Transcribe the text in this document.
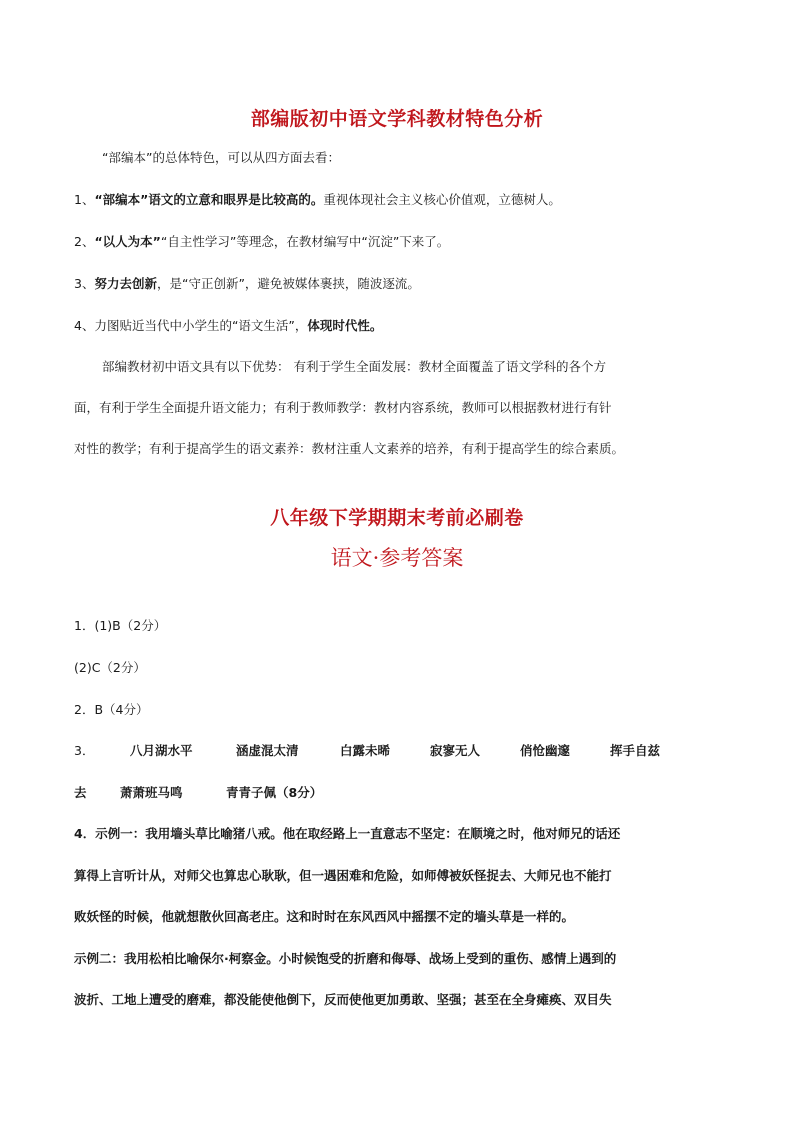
部编版初中语文学科教材特色分析
“部编本”的总体特色，可以从四方面去看：
1、“部编本”语文的立意和眼界是比较高的。重视体现社会主义核心价值观，立德树人。
2、“以人为本”“自主性学习”等理念，在教材编写中“沉淀”下来了。
3、努力去创新，是“守正创新”，避免被媒体裹挟，随波逐流。
4、力图贴近当代中小学生的“语文生活”，体现时代性。
部编教材初中语文具有以下优势： 有利于学生全面发展：教材全面覆盖了语文学科的各个方
面，有利于学生全面提升语文能力；有利于教师教学：教材内容系统，教师可以根据教材进行有针
对性的教学；有利于提高学生的语文素养：教材注重人文素养的培养，有利于提高学生的综合素质。
八年级下学期期末考前必刷卷
语文·参考答案
1．(1)B（2分）
(2)C（2分）
2．B（4分）
3．	八月湖水平	涵虚混太清	白露未晞	寂寥无人	俏怆幽邃	挥手自兹
去	萧萧班马鸣	青青子佩（8分）
4．示例一：我用墙头草比喻猪八戒。他在取经路上一直意志不坚定：在顺境之时，他对师兄的话还
算得上言听计从，对师父也算忠心耿耿，但一遇困难和危险，如师傅被妖怪捉去、大师兄也不能打
败妖怪的时候，他就想散伙回高老庄。这和时时在东风西风中摇摆不定的墙头草是一样的。
示例二：我用松柏比喻保尔·柯察金。小时候饱受的折磨和侮辱、战场上受到的重伤、感情上遇到的
波折、工地上遭受的磨难，都没能使他倒下，反而使他更加勇敢、坚强；甚至在全身瘫痪、双目失
